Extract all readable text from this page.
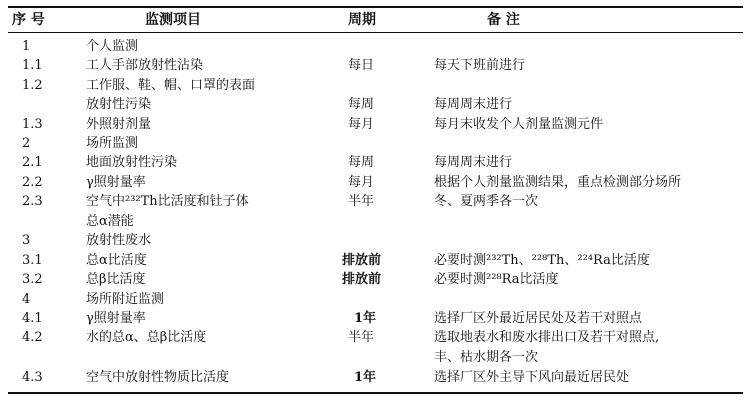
序 号	监测项目	周期	备 注
1	个人监测
1.1	工人手部放射性沾染	每日	每天下班前进行
1.2	工作服、鞋、帽、口罩的表面
放射性污染	每周	每周周末进行
1.3	外照射剂量	每月	每月末收发个人剂量监测元件
2	场所监测
2.1	地面放射性污染	每周	每周周末进行
2.2	γ照射量率	每月	根据个人剂量监测结果，重点检测部分场所
2.3	空气中²³²Th比活度和钍子体	半年	冬、夏两季各一次
总α潜能
3	放射性废水
3.1	总α比活度	排放前	必要时测²³²Th、²²⁸Th、²²⁴Ra比活度
3.2	总β比活度	排放前	必要时测²²⁸Ra比活度
4	场所附近监测
4.1	γ照射量率	1年	选择厂区外最近居民处及若干对照点
4.2	水的总α、总β比活度	半年	选取地表水和废水排出口及若干对照点,
丰、枯水期各一次
4.3	空气中放射性物质比活度	1年	选择厂区外主导下风向最近居民处
